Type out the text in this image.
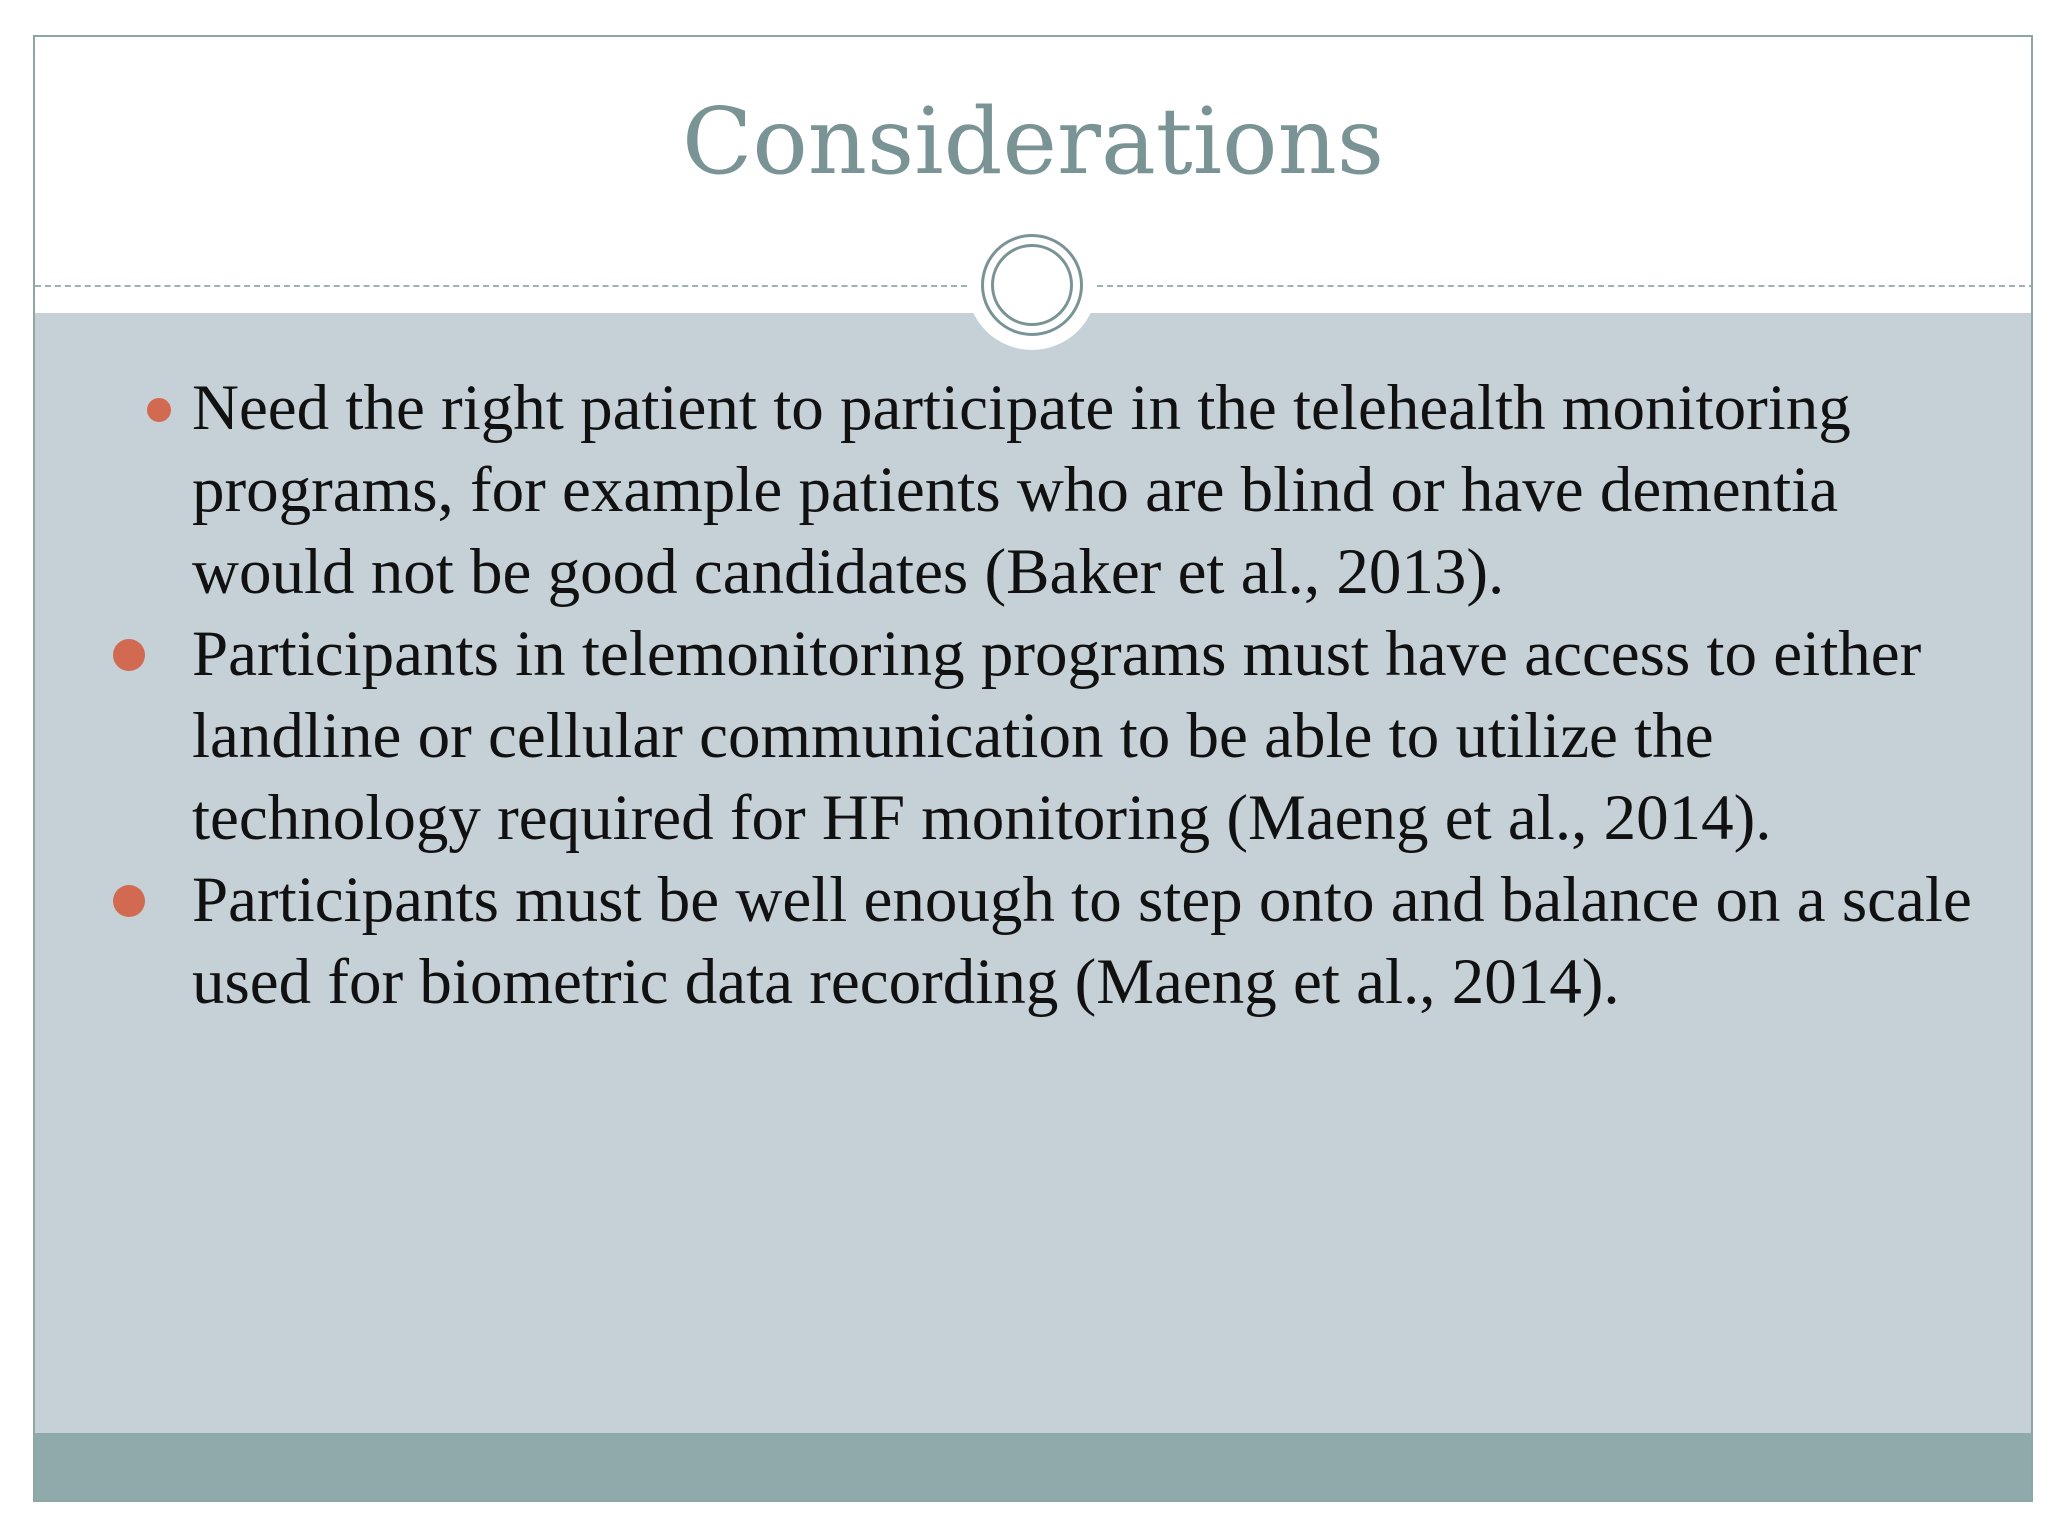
Considerations
Need the right patient to participate in the telehealth monitoring programs, for example patients who are blind or have dementia would not be good candidates (Baker et al., 2013).
Participants in telemonitoring programs must have access to either landline or cellular communication to be able to utilize the technology required for HF monitoring (Maeng et al., 2014).
Participants must be well enough to step onto and balance on a scale used for biometric data recording (Maeng et al., 2014).
